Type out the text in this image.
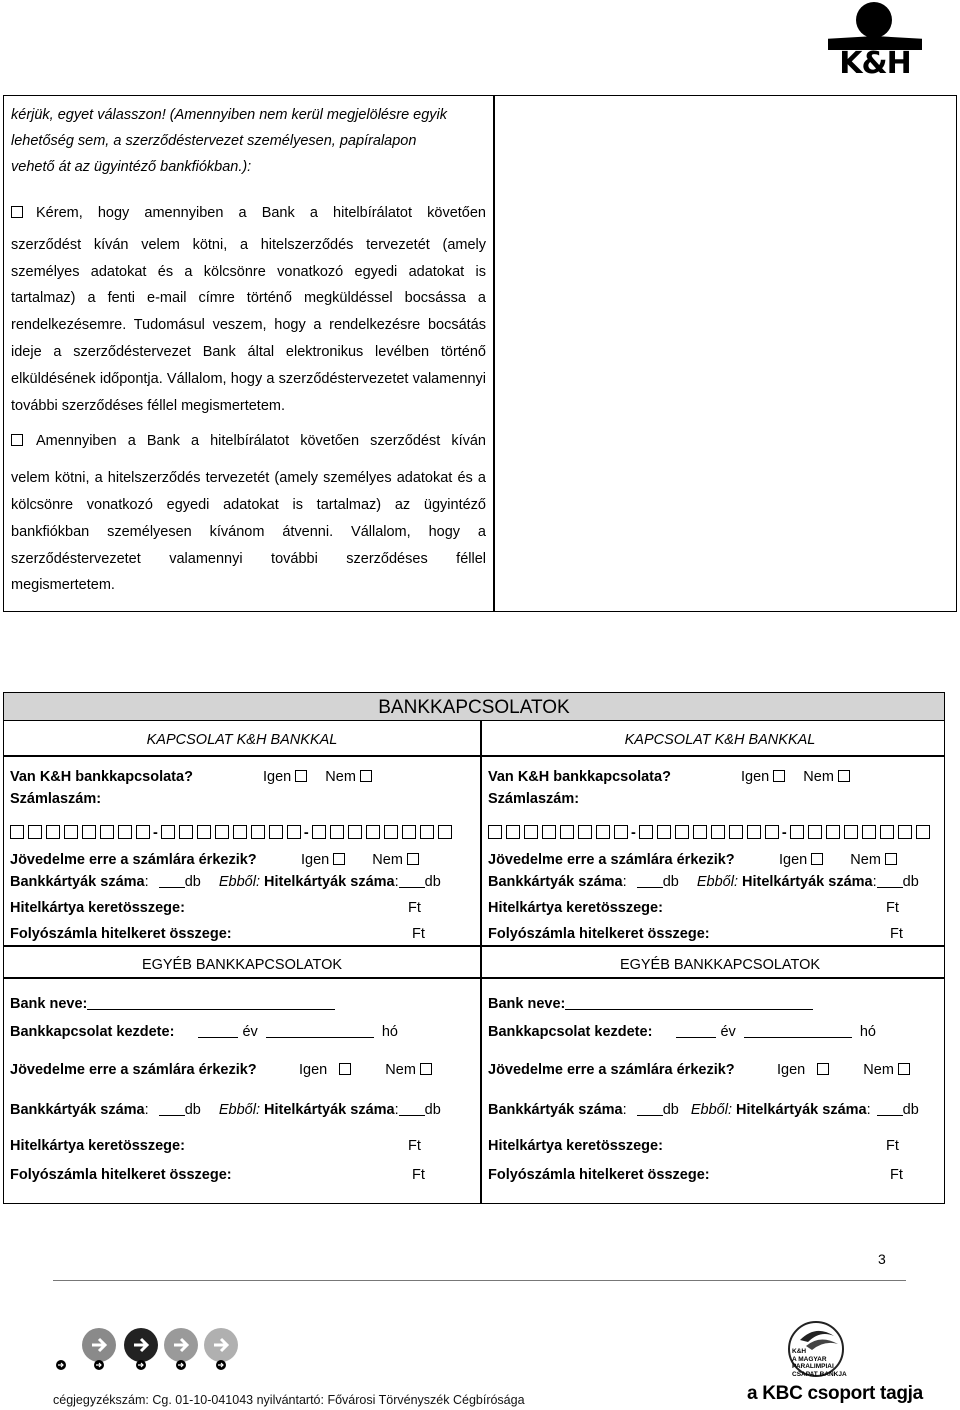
K&H
kérjük, egyet válasszon! (Amennyiben nem kerül megjelölésre egyik
lehetőség sem, a szerződéstervezet személyesen, papíralapon
vehető át az ügyintéző bankfiókban.):
Kérem, hogy amennyiben a Bank a hitelbírálatot követően
szerződést kíván velem kötni, a hitelszerződés tervezetét (amely személyes adatokat és a kölcsönre vonatkozó egyedi adatokat is tartalmaz) a fenti e-mail címre történő megküldéssel bocsássa a rendelkezésemre. Tudomásul veszem, hogy a rendelkezésre bocsátás ideje a szerződéstervezet Bank által elektronikus levélben történő elküldésének időpontja. Vállalom, hogy a szerződéstervezetet valamennyi további szerződéses féllel megismertetem.
Amennyiben a Bank a hitelbírálatot követően szerződést kíván
velem kötni, a hitelszerződés tervezetét (amely személyes adatokat és a kölcsönre vonatkozó egyedi adatokat is tartalmaz) az ügyintéző bankfiókban személyesen kívánom átvenni. Vállalom, hogy a szerződéstervezetet valamennyi további szerződéses féllel megismertetem.
BANKKAPCSOLATOK
KAPCSOLAT K&H BANKKAL
Van K&H bankkapcsolata?	Igen Nem
Számlaszám:
-	-
Jövedelme erre a számlára érkezik?	Igen	Nem
Bankkártyák száma: db Ebből: Hitelkártyák száma: db
Hitelkártya keretösszege:	Ft
Folyószámla hitelkeret összege:	Ft
EGYÉB BANKKAPCSOLATOK
Bank neve:
Bankkapcsolat kezdete:	év	hó
Jövedelme erre a számlára érkezik?	Igen	Nem
Bankkártyák száma: db Ebből: Hitelkártyák száma: db
Hitelkártya keretösszege:	Ft
Folyószámla hitelkeret összege:	Ft
KAPCSOLAT K&H BANKKAL
Van K&H bankkapcsolata?	Igen Nem
Számlaszám:
-	-
Jövedelme erre a számlára érkezik?	Igen	Nem
Bankkártyák száma: db Ebből: Hitelkártyák száma: db
Hitelkártya keretösszege:	Ft
Folyószámla hitelkeret összege:	Ft
EGYÉB BANKKAPCSOLATOK
Bank neve:
Bankkapcsolat kezdete:	év	hó
Jövedelme erre a számlára érkezik?	Igen	Nem
Bankkártyák száma: db Ebből: Hitelkártyák száma: db
Hitelkártya keretösszege:	Ft
Folyószámla hitelkeret összege:	Ft
3
cégjegyzékszám: Cg. 01-10-041043 nyilvántartó: Fővárosi Törvényszék Cégbírósága
K&H
A MAGYAR
PARALIMPIAI
CSAPAT BANKJA
a KBC csoport tagja
